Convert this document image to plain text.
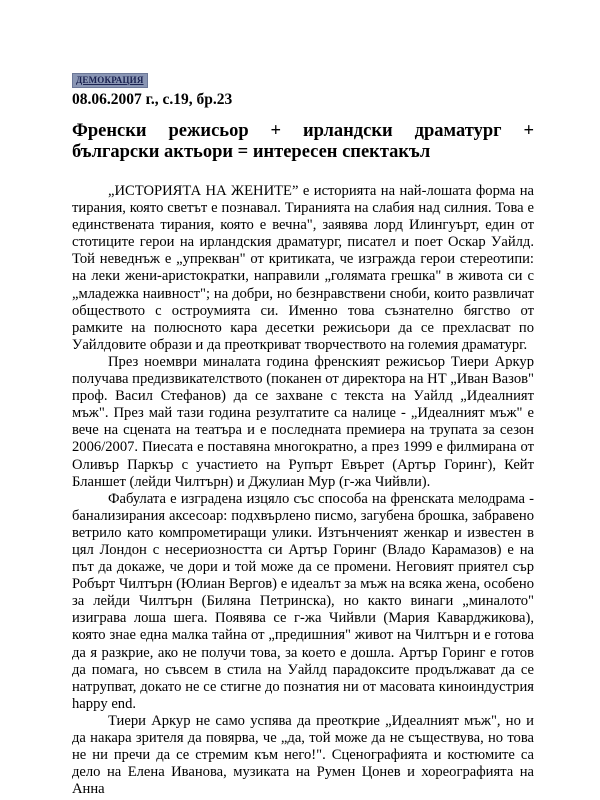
ДЕМОКРАЦИЯ
08.06.2007 г., с.19, бр.23
Френски режисьор + ирландски драматург + български актьори = интересен спектакъл

„ИСТОРИЯТА НА ЖЕНИТЕ” е историята на най-лошата форма на тирания, която светът е познавал. Тиранията на слабия над силния. Това е единствената тирания, която е вечна", заявява лорд Илингуърт, един от стотиците герои на ирландския драматург, писател и поет Оскар Уайлд. Той неведнъж е „упрекван" от критиката, че изгражда герои стереотипи: на леки жени-аристократки, направили „голямата грешка" в живота си с „младежка наивност"; на добри, но безнравствени сноби, които развличат обществото с остроумията си. Именно това съзнателно бягство от рамките на полюсното кара десетки режисьори да се прехласват по Уайлдовите образи и да преоткриват творчеството на големия драматург.

През ноември миналата година френският режисьор Тиери Аркур получава предизвикателството (поканен от директора на НТ „Иван Вазов" проф. Васил Стефанов) да се захване с текста на Уайлд „Идеалният мъж". През май тази година резултатите са налице - „Идеалният мъж" е вече на сцената на театъра и е последната премиера на трупата за сезон 2006/2007. Пиесата е поставяна многократно, а през 1999 е филмирана от Оливър Паркър с участието на Рупърт Евърет (Артър Горинг), Кейт Бланшет (лейди Чилтърн) и Джулиан Мур (г-жа Чийвли).

Фабулата е изградена изцяло със способа на френската мелодрама - банализирания аксесоар: подхвърлено писмо, загубена брошка, забравено ветрило като компрометиращи улики. Изтънченият женкар и известен в цял Лондон с несериозността си Артър Горинг (Владо Карамазов) е на път да докаже, че дори и той може да се промени. Неговият приятел сър Робърт Чилтърн (Юлиан Вергов) е идеалът за мъж на всяка жена, особено за лейди Чилтърн (Биляна Петринска), но както винаги „миналото" изиграва лоша шега. Появява се г-жа Чийвли (Мария Каварджикова), която знае една малка тайна от „предишния" живот на Чилтърн и е готова да я разкрие, ако не получи това, за което е дошла. Артър Горинг е готов да помага, но съвсем в стила на Уайлд парадоксите продължават да се натрупват, докато не се стигне до познатия ни от масовата киноиндустрия happy end.

Тиери Аркур не само успява да преоткрие „Идеалният мъж", но и да накара зрителя да повярва, че „да, той може да не съществува, но това не ни пречи да се стремим към него!". Сценографията и костюмите са дело на Елена Иванова, музиката на Румен Цонев и хореографията на Анна
